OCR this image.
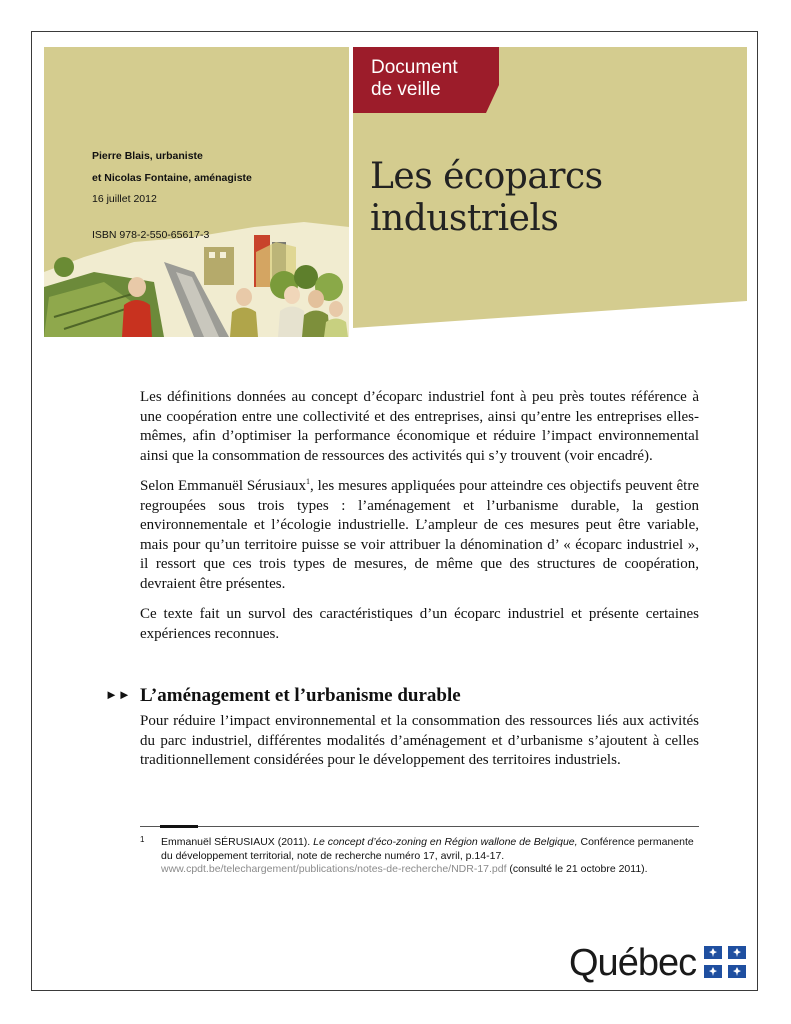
Document
de veille
Pierre Blais, urbaniste
et Nicolas Fontaine, aménagiste
16 juillet 2012
ISBN 978-2-550-65617-3
Les écoparcs
industriels

Les définitions données au concept d’écoparc industriel font à peu près toutes référence à une coopération entre une collectivité et des entreprises, ainsi qu’entre les entreprises elles-mêmes, afin d’optimiser la performance économique et réduire l’impact environnemental ainsi que la consommation de ressources des activités qui s’y trouvent (voir encadré).

Selon Emmanuël Sérusiaux$^1$, les mesures appliquées pour atteindre ces objectifs peuvent être regroupées sous trois types : l’aménagement et l’urbanisme durable, la gestion environnementale et l’écologie industrielle. L’ampleur de ces mesures peut être variable, mais pour qu’un territoire puisse se voir attribuer la dénomination d’ « écoparc industriel », il ressort que ces trois types de mesures, de même que des structures de coopération, devraient être présentes.

Ce texte fait un survol des caractéristiques d’un écoparc industriel et présente certaines expériences reconnues.

►► L’aménagement et l’urbanisme durable

Pour réduire l’impact environnemental et la consommation des ressources liés aux activités du parc industriel, différentes modalités d’aménagement et d’urbanisme s’ajoutent à celles traditionnellement considérées pour le développement des territoires industriels.

1 Emmanuël SÉRUSIAUX (2011). Le concept d’éco-zoning en Région wallone de Belgique, Conférence permanente du développement territorial, note de recherche numéro 17, avril, p.14-17.
www.cpdt.be/telechargement/publications/notes-de-recherche/NDR-17.pdf (consulté le 21 octobre 2011).
Québec
